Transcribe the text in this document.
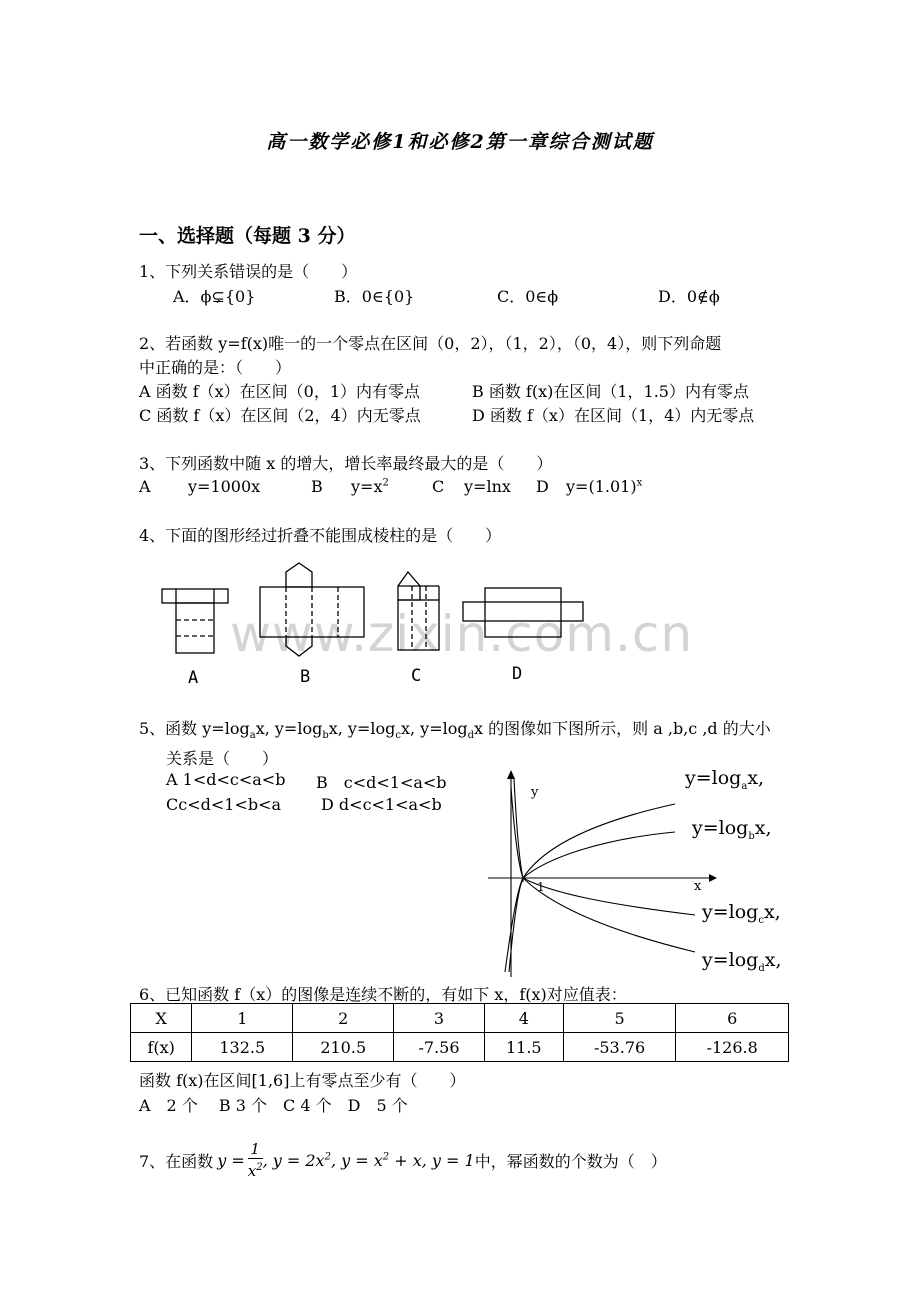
高一数学必修1和必修2第一章综合测试题
一、选择题（每题 3 分）
www.zixin.com.cn
1、下列关系错误的是（　　）
A．ϕ⊊{0}	B．0∈{0}	C．0∈ϕ	D．0∉ϕ
2、若函数 y=f(x)唯一的一个零点在区间（0，2），（1，2），（0，4），则下列命题
中正确的是：（　　）
A 函数 f（x）在区间（0，1）内有零点	B 函数 f(x)在区间（1，1.5）内有零点
C 函数 f（x）在区间（2，4）内无零点	D 函数 f（x）在区间（1，4）内无零点
3、下列函数中随 x 的增大，增长率最终最大的是（　　）
A y=1000x	B $y=x^2$	C y=lnx D $y=(1.01)^x$
4、下面的图形经过折叠不能围成棱柱的是（　　）
A	B	C	D
5、函数 $y=\log_ax$, $y=\log_bx$, $y=\log_cx$, $y=\log_dx$ 的图像如下图所示，则 a ,b,c ,d 的大小
关系是（　　）
A 1<d<c<a<b B　c<d<1<a<b
Cc<d<1<b<a D d<c<1<a<b
y
x
1
$y=\log_ax$,
$y=\log_bx$,
$y=\log_cx$,
$y=\log_dx$,
6、已知函数 f（x）的图像是连续不断的，有如下 x，f(x)对应值表：
X	1	2	3	4	5	6
f(x)	132.5	210.5	-7.56	11.5	-53.76	-126.8
函数 f(x)在区间[1,6]上有零点至少有（　　）
A　2 个　 B 3 个　C 4 个　D　5 个
7、在函数 $y = \frac{1}{x^2}$ , $y = 2x^2$, $y = x^2 + x$, y = 1 中，幂函数的个数为（　）
